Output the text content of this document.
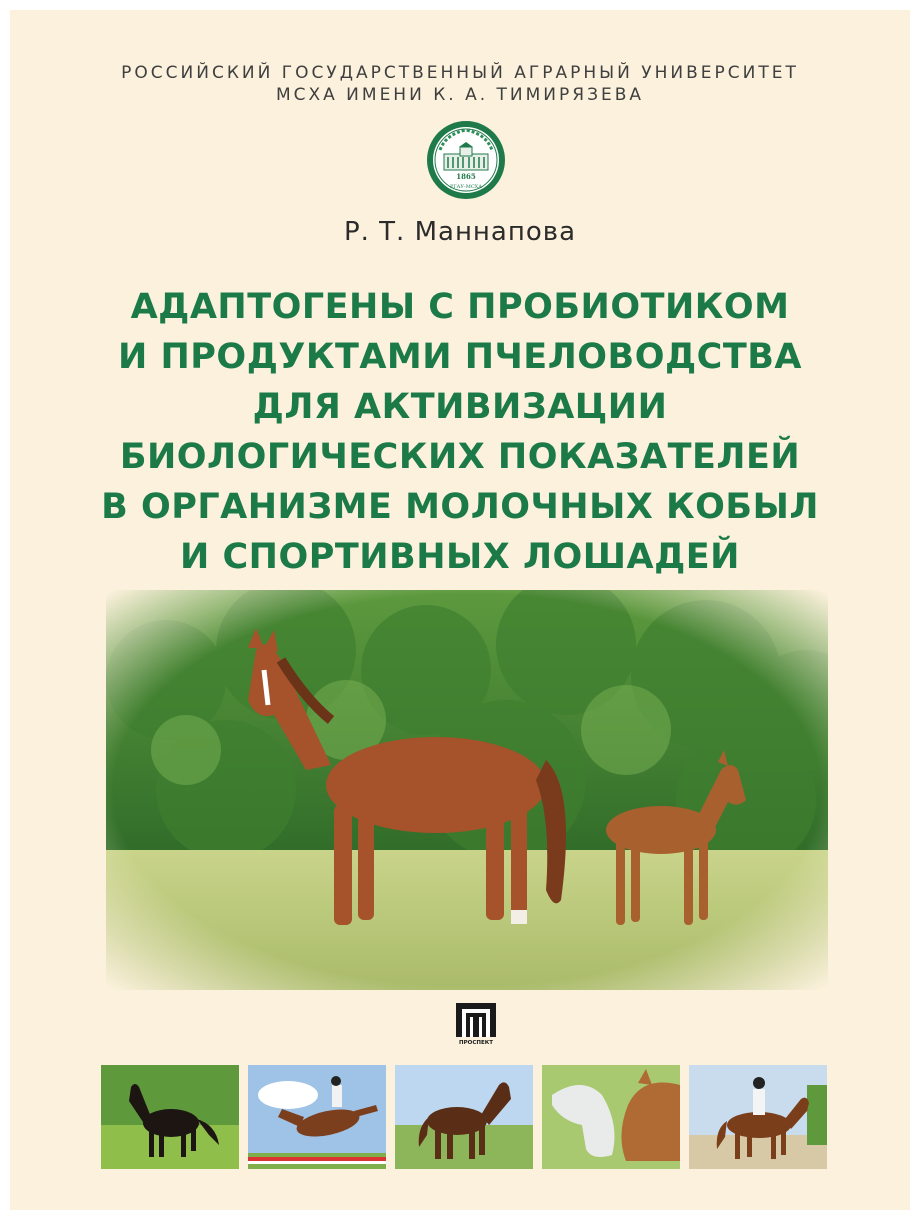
РОССИЙСКИЙ ГОСУДАРСТВЕННЫЙ АГРАРНЫЙ УНИВЕРСИТЕТ
МСХА ИМЕНИ К. А. ТИМИРЯЗЕВА
1865
РГАУ-МСХА
Р. Т. Маннапова
АДАПТОГЕНЫ С ПРОБИОТИКОМ
И ПРОДУКТАМИ ПЧЕЛОВОДСТВА
ДЛЯ АКТИВИЗАЦИИ
БИОЛОГИЧЕСКИХ ПОКАЗАТЕЛЕЙ
В ОРГАНИЗМЕ МОЛОЧНЫХ КОБЫЛ
И СПОРТИВНЫХ ЛОШАДЕЙ
ПРОСПЕКТ
